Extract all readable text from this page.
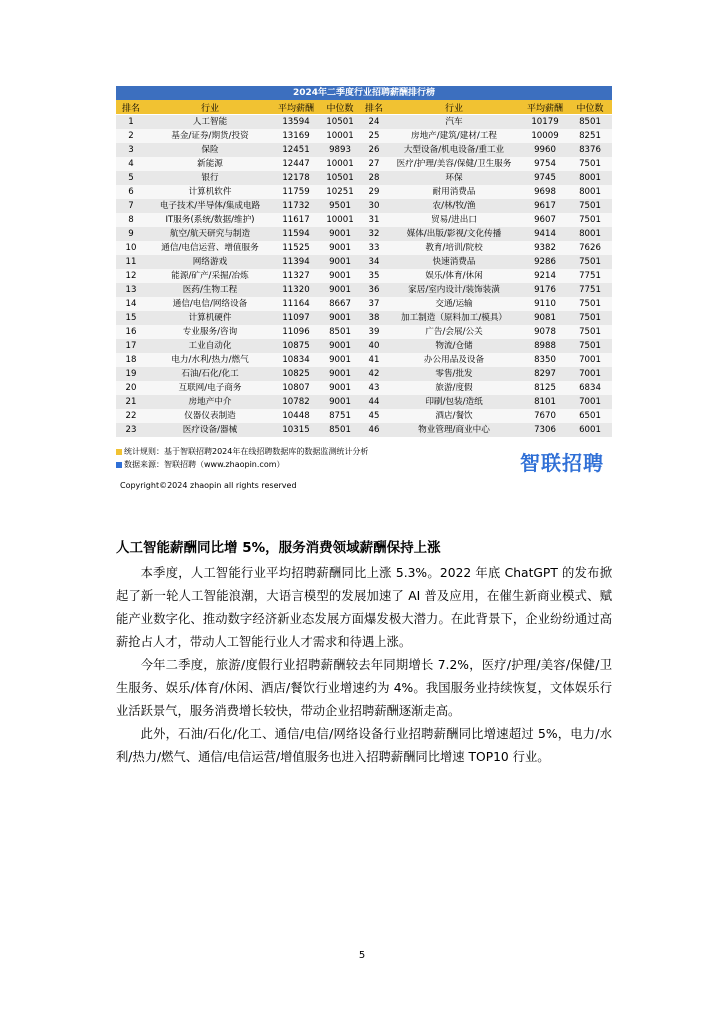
2024年二季度行业招聘薪酬排行榜
排名	行业	平均薪酬	中位数	排名	行业	平均薪酬	中位数
1	人工智能	13594	10501	24	汽车	10179	8501
2	基金/证券/期货/投资	13169	10001	25	房地产/建筑/建材/工程	10009	8251
3	保险	12451	9893	26	大型设备/机电设备/重工业	9960	8376
4	新能源	12447	10001	27	医疗/护理/美容/保健/卫生服务	9754	7501
5	银行	12178	10501	28	环保	9745	8001
6	计算机软件	11759	10251	29	耐用消费品	9698	8001
7	电子技术/半导体/集成电路	11732	9501	30	农/林/牧/渔	9617	7501
8	IT服务(系统/数据/维护)	11617	10001	31	贸易/进出口	9607	7501
9	航空/航天研究与制造	11594	9001	32	媒体/出版/影视/文化传播	9414	8001
10	通信/电信运营、增值服务	11525	9001	33	教育/培训/院校	9382	7626
11	网络游戏	11394	9001	34	快速消费品	9286	7501
12	能源/矿产/采掘/冶炼	11327	9001	35	娱乐/体育/休闲	9214	7751
13	医药/生物工程	11320	9001	36	家居/室内设计/装饰装潢	9176	7751
14	通信/电信/网络设备	11164	8667	37	交通/运输	9110	7501
15	计算机硬件	11097	9001	38	加工制造（原料加工/模具）	9081	7501
16	专业服务/咨询	11096	8501	39	广告/会展/公关	9078	7501
17	工业自动化	10875	9001	40	物流/仓储	8988	7501
18	电力/水利/热力/燃气	10834	9001	41	办公用品及设备	8350	7001
19	石油/石化/化工	10825	9001	42	零售/批发	8297	7001
20	互联网/电子商务	10807	9001	43	旅游/度假	8125	6834
21	房地产中介	10782	9001	44	印刷/包装/造纸	8101	7001
22	仪器仪表制造	10448	8751	45	酒店/餐饮	7670	6501
23	医疗设备/器械	10315	8501	46	物业管理/商业中心	7306	6001
统计规则：基于智联招聘2024年在线招聘数据库的数据监测统计分析
数据来源：智联招聘（www.zhaopin.com）	智联招聘
Copyright©2024 zhaopin all rights reserved
人工智能薪酬同比增 5%，服务消费领域薪酬保持上涨

本季度，人工智能行业平均招聘薪酬同比上涨 5.3%。2022 年底 ChatGPT 的发布掀起了新一轮人工智能浪潮，大语言模型的发展加速了 AI 普及应用，在催生新商业模式、赋能产业数字化、推动数字经济新业态发展方面爆发极大潜力。在此背景下，企业纷纷通过高薪抢占人才，带动人工智能行业人才需求和待遇上涨。

今年二季度，旅游/度假行业招聘薪酬较去年同期增长 7.2%，医疗/护理/美容/保健/卫生服务、娱乐/体育/休闲、酒店/餐饮行业增速约为 4%。我国服务业持续恢复，文体娱乐行业活跃景气，服务消费增长较快，带动企业招聘薪酬逐渐走高。

此外，石油/石化/化工、通信/电信/网络设备行业招聘薪酬同比增速超过 5%，电力/水利/热力/燃气、通信/电信运营/增值服务也进入招聘薪酬同比增速 TOP10 行业。

5
